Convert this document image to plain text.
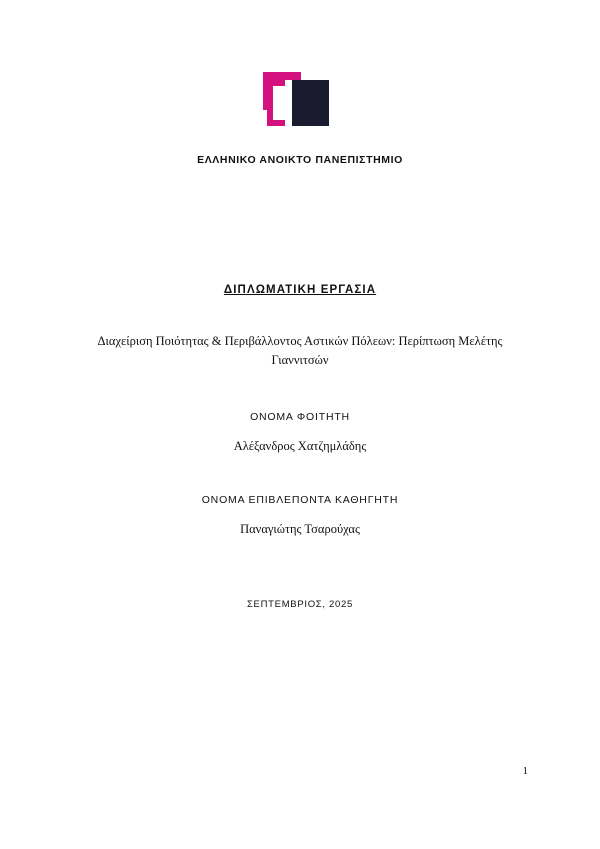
ΕΛΛΗΝΙΚΟ ΑΝΟΙΚΤΟ ΠΑΝΕΠΙΣΤΗΜΙΟ
ΔΙΠΛΩΜΑΤΙΚΗ ΕΡΓΑΣΙΑ
Διαχείριση Ποιότητας & Περιβάλλοντος Αστικών Πόλεων: Περίπτωση Μελέτης Γιαννιτσών
ΟΝΟΜΑ ΦΟΙΤΗΤΗ
Αλέξανδρος Χατζημλάδης
ΟΝΟΜΑ ΕΠΙΒΛΕΠΟΝΤΑ ΚΑΘΗΓΗΤΗ
Παναγιώτης Τσαρούχας
ΣΕΠΤΕΜΒΡΙΟΣ, 2025
1
